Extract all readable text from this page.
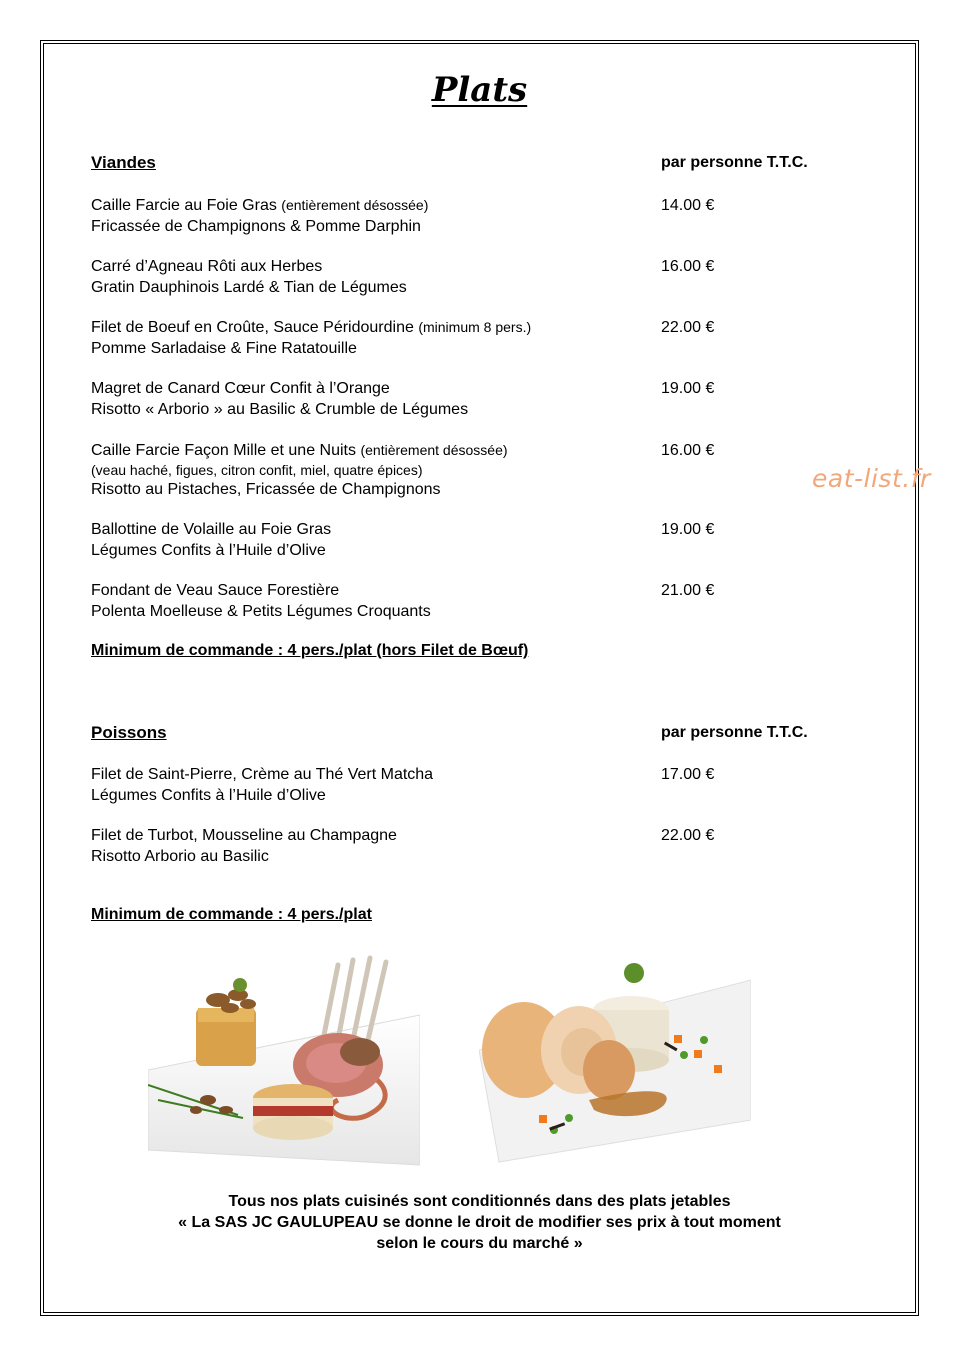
Plats
Viandes	par personne T.T.C.
Caille Farcie au Foie Gras (entièrement désossée)
Fricassée de Champignons & Pomme Darphin
14.00 €
Carré d’Agneau Rôti aux Herbes
Gratin Dauphinois Lardé & Tian de Légumes
16.00 €
Filet de Boeuf en Croûte, Sauce Péridourdine (minimum 8 pers.)
Pomme Sarladaise & Fine Ratatouille
22.00 €
Magret de Canard Cœur Confit à l’Orange
Risotto « Arborio » au Basilic & Crumble de Légumes
19.00 €
Caille Farcie Façon Mille et une Nuits (entièrement désossée)
(veau haché, figues, citron confit, miel, quatre épices)
Risotto au Pistaches, Fricassée de Champignons
16.00 €
Ballottine de Volaille au Foie Gras
Légumes Confits à l’Huile d’Olive
19.00 €
Fondant de Veau Sauce Forestière
Polenta Moelleuse & Petits Légumes Croquants
21.00 €
Minimum de commande : 4 pers./plat (hors Filet de Bœuf)
eat-list.fr
Poissons	par personne T.T.C.
Filet de Saint-Pierre, Crème au Thé Vert Matcha
Légumes Confits à l’Huile d’Olive
17.00 €
Filet de Turbot, Mousseline au Champagne
Risotto Arborio au Basilic
22.00 €
Minimum de commande : 4 pers./plat
Tous nos plats cuisinés sont conditionnés dans des plats jetables
« La SAS JC GAULUPEAU se donne le droit de modifier ses prix à tout moment
selon le cours du marché »
